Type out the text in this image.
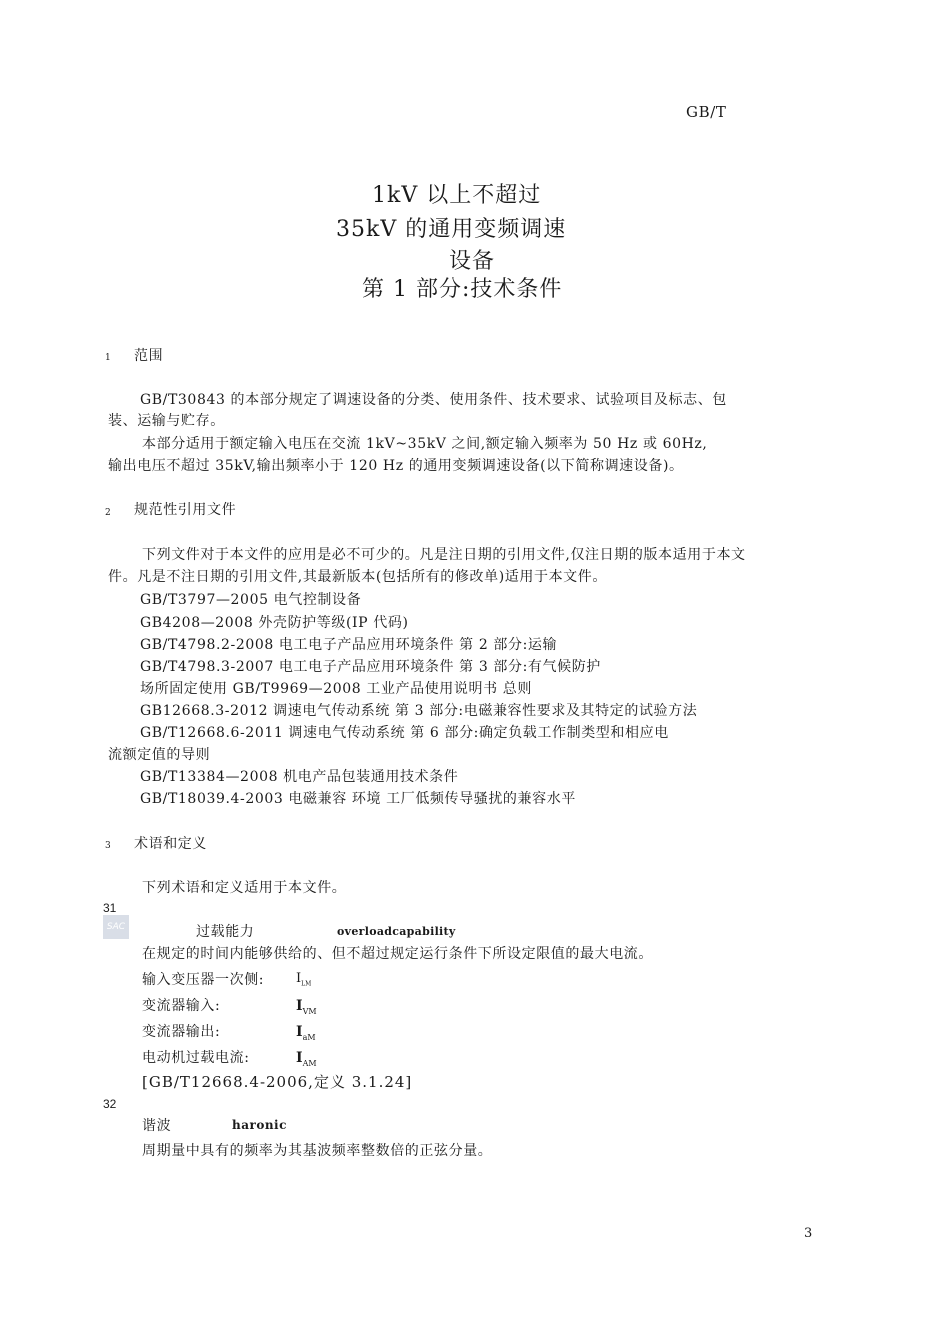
GB/T
1kV 以上不超过
35kV 的通用变频调速
设备
第 1 部分:技术条件
1 范围
GB/T30843 的本部分规定了调速设备的分类、使用条件、技术要求、试验项目及标志、包
装、运输与贮存。
本部分适用于额定输入电压在交流 1kV~35kV 之间,额定输入频率为 50 Hz 或 60Hz,
输出电压不超过 35kV,输出频率小于 120 Hz 的通用变频调速设备(以下简称调速设备)。
2 规范性引用文件
下列文件对于本文件的应用是必不可少的。凡是注日期的引用文件,仅注日期的版本适用于本文
件。凡是不注日期的引用文件,其最新版本(包括所有的修改单)适用于本文件。
GB/T3797—2005 电气控制设备
GB4208—2008 外壳防护等级(IP 代码)
GB/T4798.2-2008 电工电子产品应用环境条件 第 2 部分:运输
GB/T4798.3-2007 电工电子产品应用环境条件 第 3 部分:有气候防护
场所固定使用 GB/T9969—2008 工业产品使用说明书 总则
GB12668.3-2012 调速电气传动系统 第 3 部分:电磁兼容性要求及其特定的试验方法
GB/T12668.6-2011 调速电气传动系统 第 6 部分:确定负载工作制类型和相应电
流额定值的导则
GB/T13384—2008 机电产品包装通用技术条件
GB/T18039.4-2003 电磁兼容 环境 工厂低频传导骚扰的兼容水平
3 术语和定义
下列术语和定义适用于本文件。
31
SAC	过载能力	overloadcapability
在规定的时间内能够供给的、但不超过规定运行条件下所设定限值的最大电流。
输入变压器一次侧: $I_{LM}$
变流器输入:	$I_{VM}$
变流器输出:	$I_{aM}$
电动机过载电流:	$I_{AM}$
[GB/T12668.4-2006,定义 3.1.24]
32
谐波	haronic
周期量中具有的频率为其基波频率整数倍的正弦分量。
3
